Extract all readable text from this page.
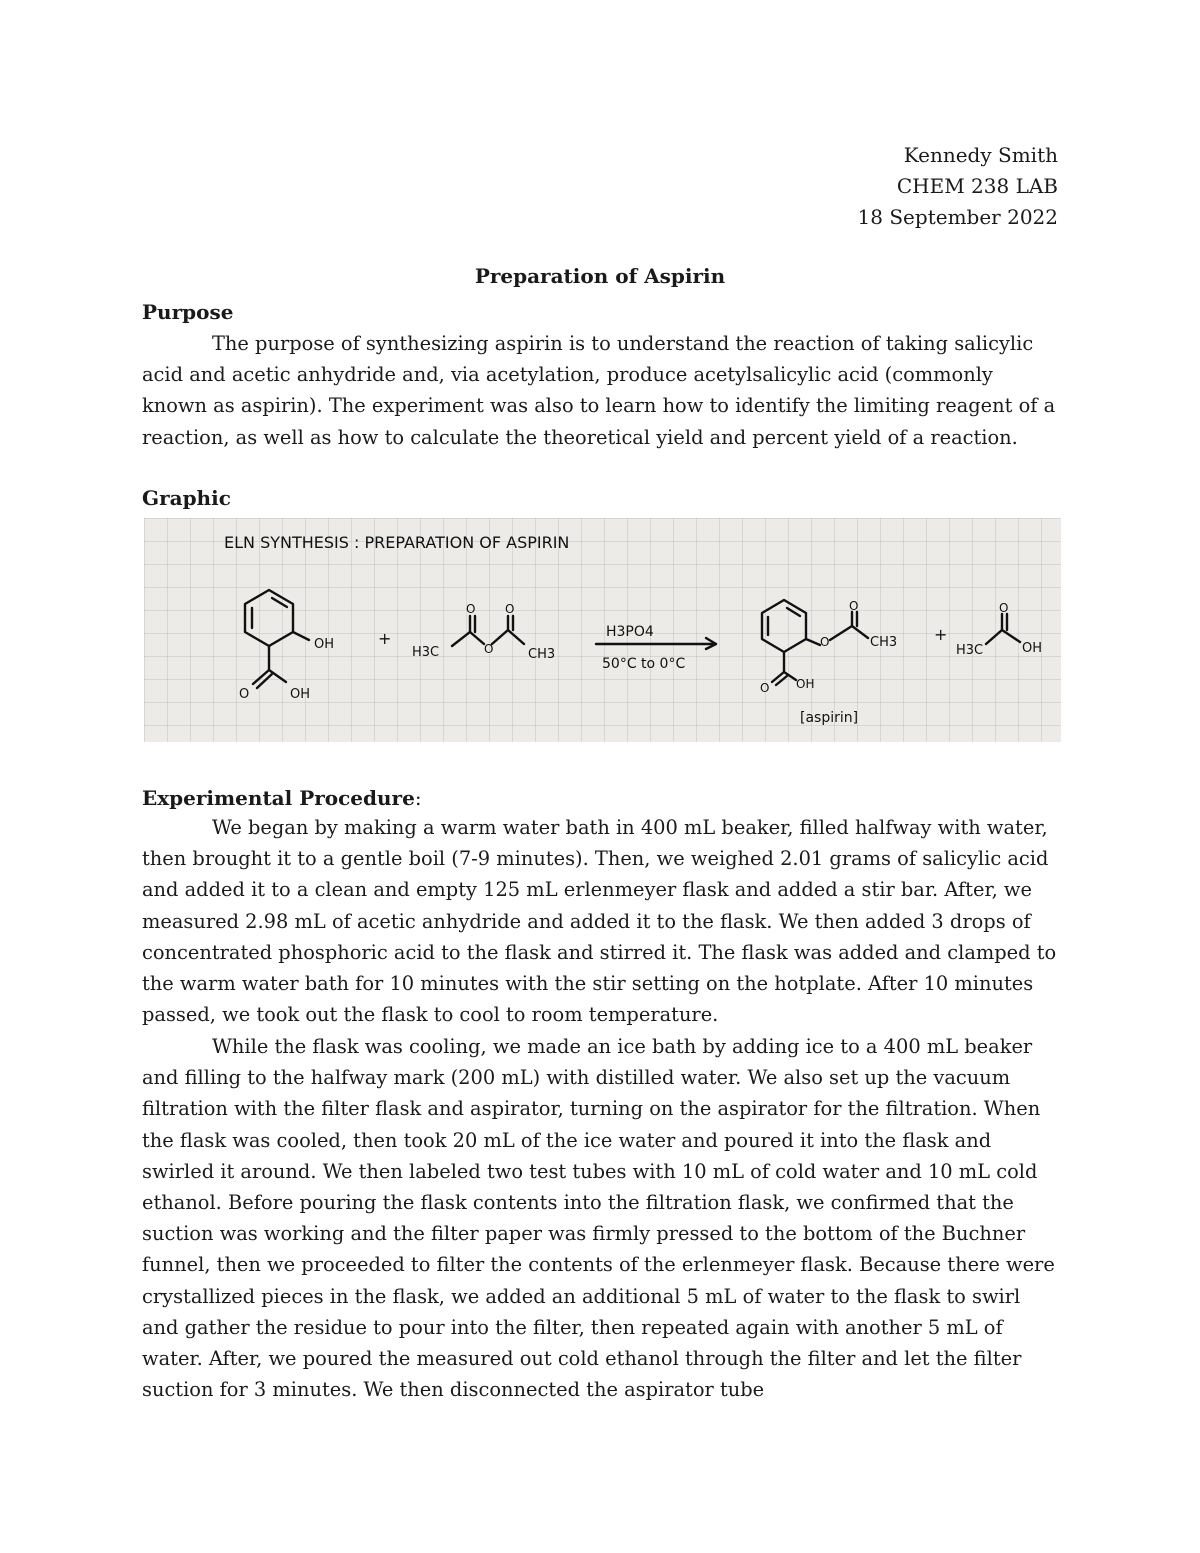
Kennedy Smith
CHEM 238 LAB
18 September 2022
Preparation of Aspirin
Purpose

The purpose of synthesizing aspirin is to understand the reaction of taking salicylic acid and acetic anhydride and, via acetylation, produce acetylsalicylic acid (commonly known as aspirin). The experiment was also to learn how to identify the limiting reagent of a reaction, as well as how to calculate the theoretical yield and percent yield of a reaction.

Graphic
ELN SYNTHESIS : PREPARATION OF ASPIRIN
OH
O	OH
+
H3C
O O
O	CH3
H3PO4
50°C to 0°C
O
O
CH3
O OH
[aspirin]
+
H3C
O
OH
Experimental Procedure:

We began by making a warm water bath in 400 mL beaker, filled halfway with water, then brought it to a gentle boil (7-9 minutes). Then, we weighed 2.01 grams of salicylic acid and added it to a clean and empty 125 mL erlenmeyer flask and added a stir bar. After, we measured 2.98 mL of acetic anhydride and added it to the flask. We then added 3 drops of concentrated phosphoric acid to the flask and stirred it. The flask was added and clamped to the warm water bath for 10 minutes with the stir setting on the hotplate. After 10 minutes passed, we took out the flask to cool to room temperature.

While the flask was cooling, we made an ice bath by adding ice to a 400 mL beaker and filling to the halfway mark (200 mL) with distilled water. We also set up the vacuum filtration with the filter flask and aspirator, turning on the aspirator for the filtration. When the flask was cooled, then took 20 mL of the ice water and poured it into the flask and swirled it around. We then labeled two test tubes with 10 mL of cold water and 10 mL cold ethanol. Before pouring the flask contents into the filtration flask, we confirmed that the suction was working and the filter paper was firmly pressed to the bottom of the Buchner funnel, then we proceeded to filter the contents of the erlenmeyer flask. Because there were crystallized pieces in the flask, we added an additional 5 mL of water to the flask to swirl and gather the residue to pour into the filter, then repeated again with another 5 mL of water. After, we poured the measured out cold ethanol through the filter and let the filter suction for 3 minutes. We then disconnected the aspirator tube
